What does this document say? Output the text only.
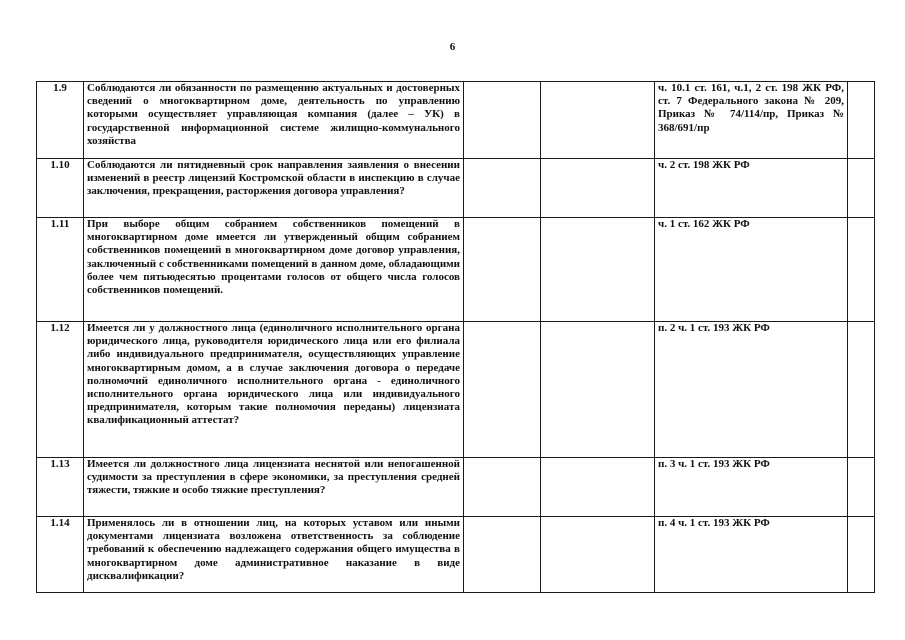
6
1.9	Соблюдаются ли обязанности по размещению актуальных и достоверных сведений о многоквартирном доме, деятельность по управлению которыми осуществляет управляющая компания (далее – УК) в государственной информационной системе жилищно-коммунального хозяйства			ч. 10.1 ст. 161, ч.1, 2 ст. 198 ЖК РФ, ст. 7 Федерального закона № 209, Приказ № 74/114/пр, Приказ № 368/691/пр	
1.10	Соблюдаются ли пятидневный срок направления заявления о внесении изменений в реестр лицензий Костромской области в инспекцию в случае заключения, прекращения, расторжения договора управления?			ч. 2 ст. 198 ЖК РФ	
1.11	При выборе общим собранием собственников помещений в многоквартирном доме имеется ли утвержденный общим собранием собственников помещений в многоквартирном доме договор управления, заключенный с собственниками помещений в данном доме, обладающими более чем пятьюдесятью процентами голосов от общего числа голосов собственников помещений.			ч. 1 ст. 162 ЖК РФ	
1.12	Имеется ли у должностного лица (единоличного исполнительного органа юридического лица, руководителя юридического лица или его филиала либо индивидуального предпринимателя, осуществляющих управление многоквартирным домом, а в случае заключения договора о передаче полномочий единоличного исполнительного органа - единоличного исполнительного органа юридического лица или индивидуального предпринимателя, которым такие полномочия переданы) лицензиата квалификационный аттестат?			п. 2 ч. 1 ст. 193 ЖК РФ	
1.13	Имеется ли должностного лица лицензиата неснятой или непогашенной судимости за преступления в сфере экономики, за преступления средней тяжести, тяжкие и особо тяжкие преступления?			п. 3 ч. 1 ст. 193 ЖК РФ	
1.14	Применялось ли в отношении лиц, на которых уставом или иными документами лицензиата возложена ответственность за соблюдение требований к обеспечению надлежащего содержания общего имущества в многоквартирном доме административное наказание в виде дисквалификации?			п. 4 ч. 1 ст. 193 ЖК РФ	
